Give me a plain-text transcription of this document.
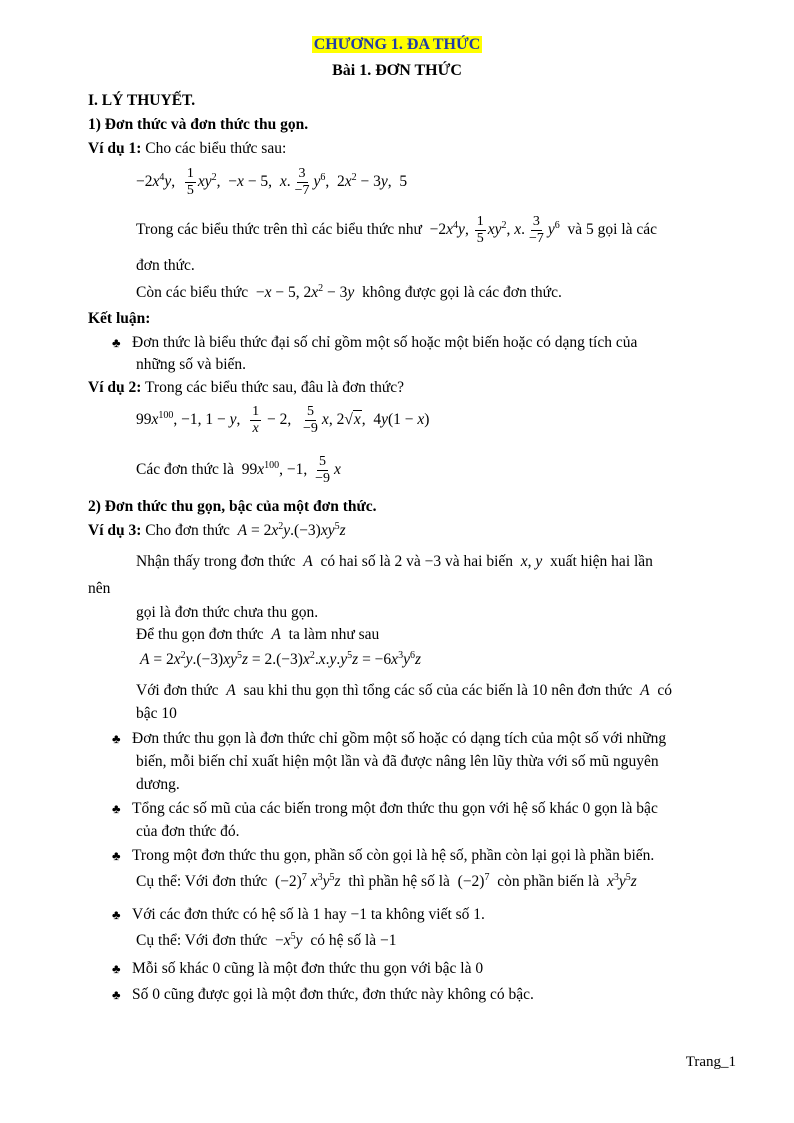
CHƯƠNG 1. ĐA THỨC
Bài 1. ĐƠN THỨC
I. LÝ THUYẾT.
1) Đơn thức và đơn thức thu gọn.
Ví dụ 1: Cho các biểu thức sau:
$-2x^4y$, $\frac{1}{5} xy^2$,  −x − 5,  x. $\frac{3}{-7} y^6$,  $2x^2 - 3y$,  5
Trong các biểu thức trên thì các biểu thức như  $-2x^4y$, $\frac{1}{5} xy^2$, x. $\frac{3}{-7} y^6$ và 5 gọi là các
đơn thức.
Còn các biểu thức  −x − 5, $2x^2 - 3y$ không được gọi là các đơn thức.
Kết luận:
♣ Đơn thức là biểu thức đại số chỉ gồm một số hoặc một biến hoặc có dạng tích của
những số và biến.
Ví dụ 2: Trong các biểu thức sau, đâu là đơn thức?
$99x^{100}$, −1, 1 − y, $\frac{1}{x} - 2$, $\frac{5}{-9} x$, 2√x,  4y(1 − x)
Các đơn thức là  $99x^{100}$, −1, $\frac{5}{-9}$ x
2) Đơn thức thu gọn, bậc của một đơn thức.
Ví dụ 3: Cho đơn thức $A = 2x^2y.(-3)xy^5z$
Nhận thấy trong đơn thức A có hai số là 2 và −3 và hai biến x, y xuất hiện hai lần
nên
gọi là đơn thức chưa thu gọn.
Để thu gọn đơn thức A ta làm như sau
$A = 2x^2y.(-3)xy^5z = 2.(-3)x^2.x.y.y^5z = -6x^3y^6z$
Với đơn thức A sau khi thu gọn thì tổng các số của các biến là 10 nên đơn thức A có
bậc 10
♣ Đơn thức thu gọn là đơn thức chỉ gồm một số hoặc có dạng tích của một số với những
biến, mỗi biến chỉ xuất hiện một lần và đã được nâng lên lũy thừa với số mũ nguyên
dương.
♣ Tổng các số mũ của các biến trong một đơn thức thu gọn với hệ số khác 0 gọn là bậc
của đơn thức đó.
♣ Trong một đơn thức thu gọn, phần số còn gọi là hệ số, phần còn lại gọi là phần biến.
Cụ thể: Với đơn thức  $(-2)^7$ $x^3y^5z$ thì phần hệ số là  $(-2)^7$ còn phần biến là $x^3y^5z$
♣ Với các đơn thức có hệ số là 1 hay −1 ta không viết số 1.
Cụ thể: Với đơn thức  $-x^5y$ có hệ số là −1
♣ Mỗi số khác 0 cũng là một đơn thức thu gọn với bậc là 0
♣ Số 0 cũng được gọi là một đơn thức, đơn thức này không có bậc.
Trang_1
